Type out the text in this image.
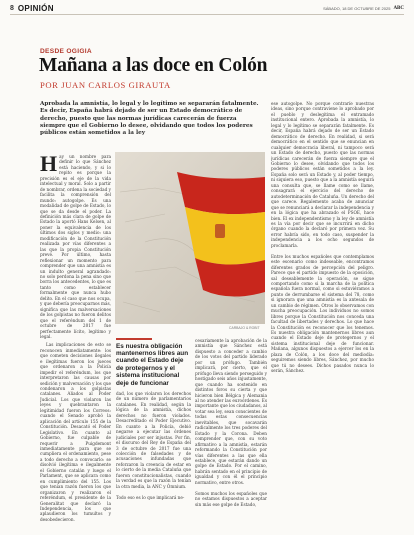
8 OPINIÓN	SÁBADO, 18 DE OCTUBRE DE 2025 ABC
DESDE OGIGIA
Mañana a las doce en Colón
POR JUAN CARLOS GIRAUTA
Aprobada la amnistía, lo legal y lo legítimo se separarán fatalmente. Es decir, España habrá dejado de ser un Estado democrático de derecho, puesto que las normas jurídicas carecerán de fuerza siempre que el Gobierno lo desee, olvidando que todos los poderes públicos están sometidos a la ley
Hay un nombre para definir lo que Sánchez está haciendo, y si lo repito es porque la precisión es el eje de la vida intelectual y moral. Solo a partir de nombrar, ordena la sociedad y facilita la comprensión del mundo: autogolpe. Es una modalidad de golpe de Estado, lo que se da desde el poder. La definición más clara de golpe de Estado la aportó Hans Kelsen, al poner la equivalencia de los últimos dos siglos y medio: una modificación de la Constitución realizada por vías diferentes a las que la propia Constitución prevé. Por último, hasta reflexionar un momento para comprender que una amnistía es un indulto general agrandado: no solo perdona la pena sino que borra los antecedentes, lo que es tanto como establecer formalmente que nunca hubo delito. En el caso que nos ocupa, y que debería preocuparnos más, significa que las malversaciones de los golpistas no fueron delitos que el referéndum del 1 de octubre de 2017 fue perfectamente lícito, legítimo y legal.
Las implicaciones de esto se reconocen inmediatamente: los que cometen decisiones ilegales e ilegítimas fueron los jueces que ordenaron a la Policía impedir el referéndum, los que interpretaron las causas por sedición y malversación y los que condenaron a los golpistas catalanes. Aliados al Poder Judicial. Los que violaron las leyes y quebrantaron la legitimidad fueron los Correos: cuando el Senado aprobó la aplicación del artículo 155 de la Constitución. Desacató el Poder Legislativo. En cuanto al Gobierno, fue culpable de requerir a Puigdemont inmediatamente para que se cumpliera el ordenamiento, pese a todo derecho a convocarlo: se disolvió ilegítima e ilegalmente el Gobierno catalán y luego el Parlament, que se aplicara como en cumplimiento del 155. Los que tenían razón fueron los que organizaron y realizaron el referéndum, el presidente de la Generalitat que declaró la Independencia, los que aplaudieron los tumultos y desobedecieron.
CARBAJO & ROBIT
Es nuestra obligación mantenernos libres aun cuando el Estado deje de protegernos y el sistema institucional deje de funcionar
dad, los que violaron los derechos de un número de parlamentarios catalanes. En realidad, según la lógica de la amnistía, dichos derechos no fueron violados. Desacreditado el Poder Ejecutivo. En cuanto a la Policía, debió negarse a ejecutar las órdenes judiciales por ser injustas. Por fin, el discurso del Rey de España del 3 de octubre de 2017 fue una colección de falsedades y de acusaciones infundadas que reforzaron la creencia de estar en lo cierto de la media Cataluña que fueron constitucionalistas, cuando la verdad es que la razón la tenían la otra media, la ANC y Òmnium.

Todo eso es lo que implicará ne-
cesariamente la aprobación de la amnistía que Sánchez está dispuesto a conceder a cambio de los votos del partido liderado por un prófugo. También implicará, por cierto, que el prófugo lleva siendo perseguido y hostigado seis años injustamente, que cuando ha sostenido en distintos foros su cierta y que hicieron bien Bélgica y Alemania al no atender las euroórdenes. Es importante que los ciudadanos, al votar sea ley, sean conscientes de todas estas consecuencias inevitables, que socavarán radicalmente los tres poderes del Estado y la Corona. Deben comprender que, con su voto afirmativo a la amnistía, estarán reformando la Constitución por vías diferentes a las que ella establece, que estarán dando un golpe de Estado. Por el camino, habrán sentado en el principio de igualdad y con él el principio normativo, entre otros.

Somos muchos los españoles que no estamos dispuestos a aceptar sin más ese golpe de Estado,
ese autogolpe. No porque contraríe nuestras ideas, sino porque contraviene lo aprobado por el pueblo y deslegitima el entramado institucional entero. Aprobada la amnistía, lo legal y lo legítimo se separarán fatalmente. Es decir, España habrá dejado de ser un Estado democrático de derecho. En realidad, si será democrático en el sentido que se enuncian en cualquier democracia liberal, ni tampoco será un Estado de derecho, puesto que las normas jurídicas carecerán de fuerza siempre que el Gobierno lo desee, olvidando que todos los poderes públicos están sometidos a la ley. España solo será un Estado y, al poder tiempo, ni siquiera eso, puesto que a la amnistía seguirá una consulta que, se llame como se llame, consagrará el ejercicio del derecho de autodeterminación de Cataluña. Un derecho del que carece. Regalemento acaba de anunciar que se renunciará a declarar la independencia y en la lógica que ha abrazado el PSOE, hace bien. El ex independentismo y la ley de amnistía es la vía por decir que se incurrirá en dicho órgano cuando la declaró por primera vez. Su error habría sido, en todo caso, suspender la independencia a los ocho segundos de proclamarla.

Entre los muchos españoles que contemplamos este escenario como indeseable, encontramos diferentes grados de percepción del peligro. Parece que el partido impuesto de la oposición, sal deseablemente la operación, se sigue comportando como si la marcha de la política española fuera normal, como si estuviéramos a punto de derrumbarse el sistema del 78, como si ignorara que una amnistía es la antesala de un cambio de régimen. Otros lo observamos con mucha preocupación. Los individuos no somos libres porque la Constitución nos conceda una facultad de libertades y derechos. Lo que hace la Constitución es reconocer que los tenemos. Es nuestra obligación mantenernos libres aun cuando el Estado deje de protegernos y el sistema institucional deje de funcionar. Mañana, algunos dispuestos a ejercer los en la plaza de Colón, a los doce del mediodía: seguiremos siendo libres, Sánchez, por mucho que tú no desees. Dichos pasados nunca lo serán, Sánchez.
